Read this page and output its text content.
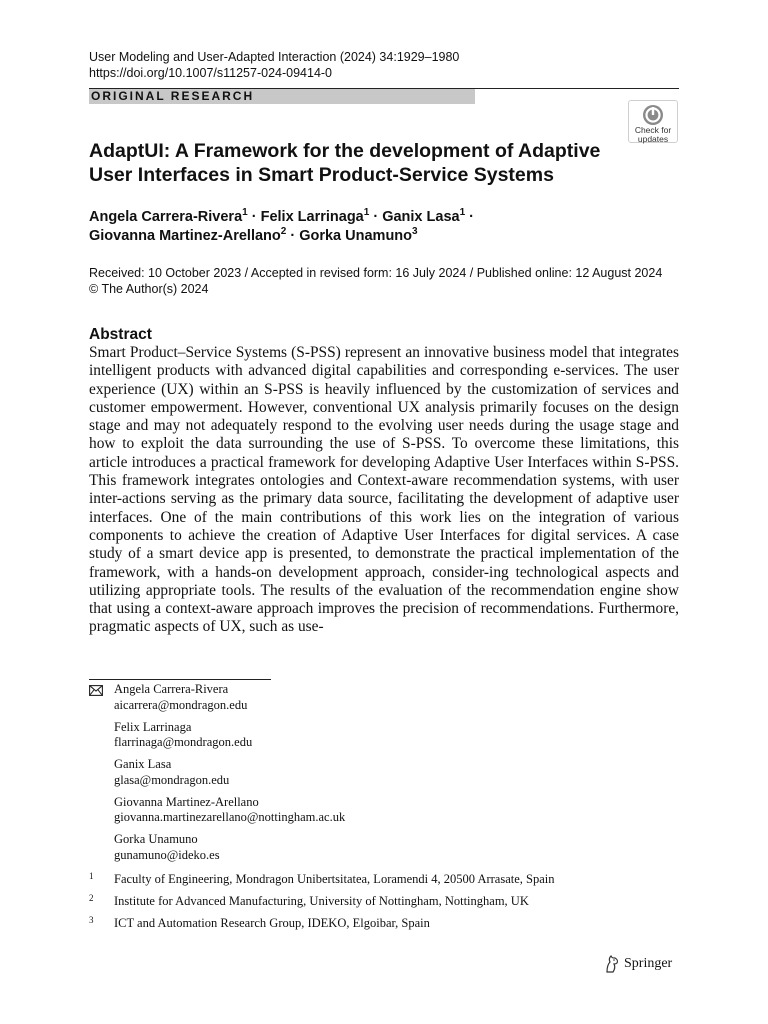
User Modeling and User-Adapted Interaction (2024) 34:1929–1980
https://doi.org/10.1007/s11257-024-09414-0
ORIGINAL RESEARCH
Check for
updates
AdaptUI: A Framework for the development of Adaptive
User Interfaces in Smart Product-Service Systems
Angela Carrera-Rivera$^1$ · Felix Larrinaga$^1$ · Ganix Lasa$^1$ ·
Giovanna Martinez-Arellano$^2$ · Gorka Unamuno$^3$
Received: 10 October 2023 / Accepted in revised form: 16 July 2024 / Published online: 12 August 2024
© The Author(s) 2024
Abstract
Smart Product–Service Systems (S-PSS) represent an innovative business model that integrates intelligent products with advanced digital capabilities and corresponding e-services. The user experience (UX) within an S-PSS is heavily influenced by the customization of services and customer empowerment. However, conventional UX analysis primarily focuses on the design stage and may not adequately respond to the evolving user needs during the usage stage and how to exploit the data surrounding the use of S-PSS. To overcome these limitations, this article introduces a practical framework for developing Adaptive User Interfaces within S-PSS. This framework integrates ontologies and Context-aware recommendation systems, with user inter-actions serving as the primary data source, facilitating the development of adaptive user interfaces. One of the main contributions of this work lies on the integration of various components to achieve the creation of Adaptive User Interfaces for digital services. A case study of a smart device app is presented, to demonstrate the practical implementation of the framework, with a hands-on development approach, consider-ing technological aspects and utilizing appropriate tools. The results of the evaluation of the recommendation engine show that using a context-aware approach improves the precision of recommendations. Furthermore, pragmatic aspects of UX, such as use-
Angela Carrera-Rivera
aicarrera@mondragon.edu
Felix Larrinaga
flarrinaga@mondragon.edu
Ganix Lasa
glasa@mondragon.edu
Giovanna Martinez-Arellano
giovanna.martinezarellano@nottingham.ac.uk
Gorka Unamuno
gunamuno@ideko.es
1 Faculty of Engineering, Mondragon Unibertsitatea, Loramendi 4, 20500 Arrasate, Spain
2 Institute for Advanced Manufacturing, University of Nottingham, Nottingham, UK
3 ICT and Automation Research Group, IDEKO, Elgoibar, Spain
Springer
